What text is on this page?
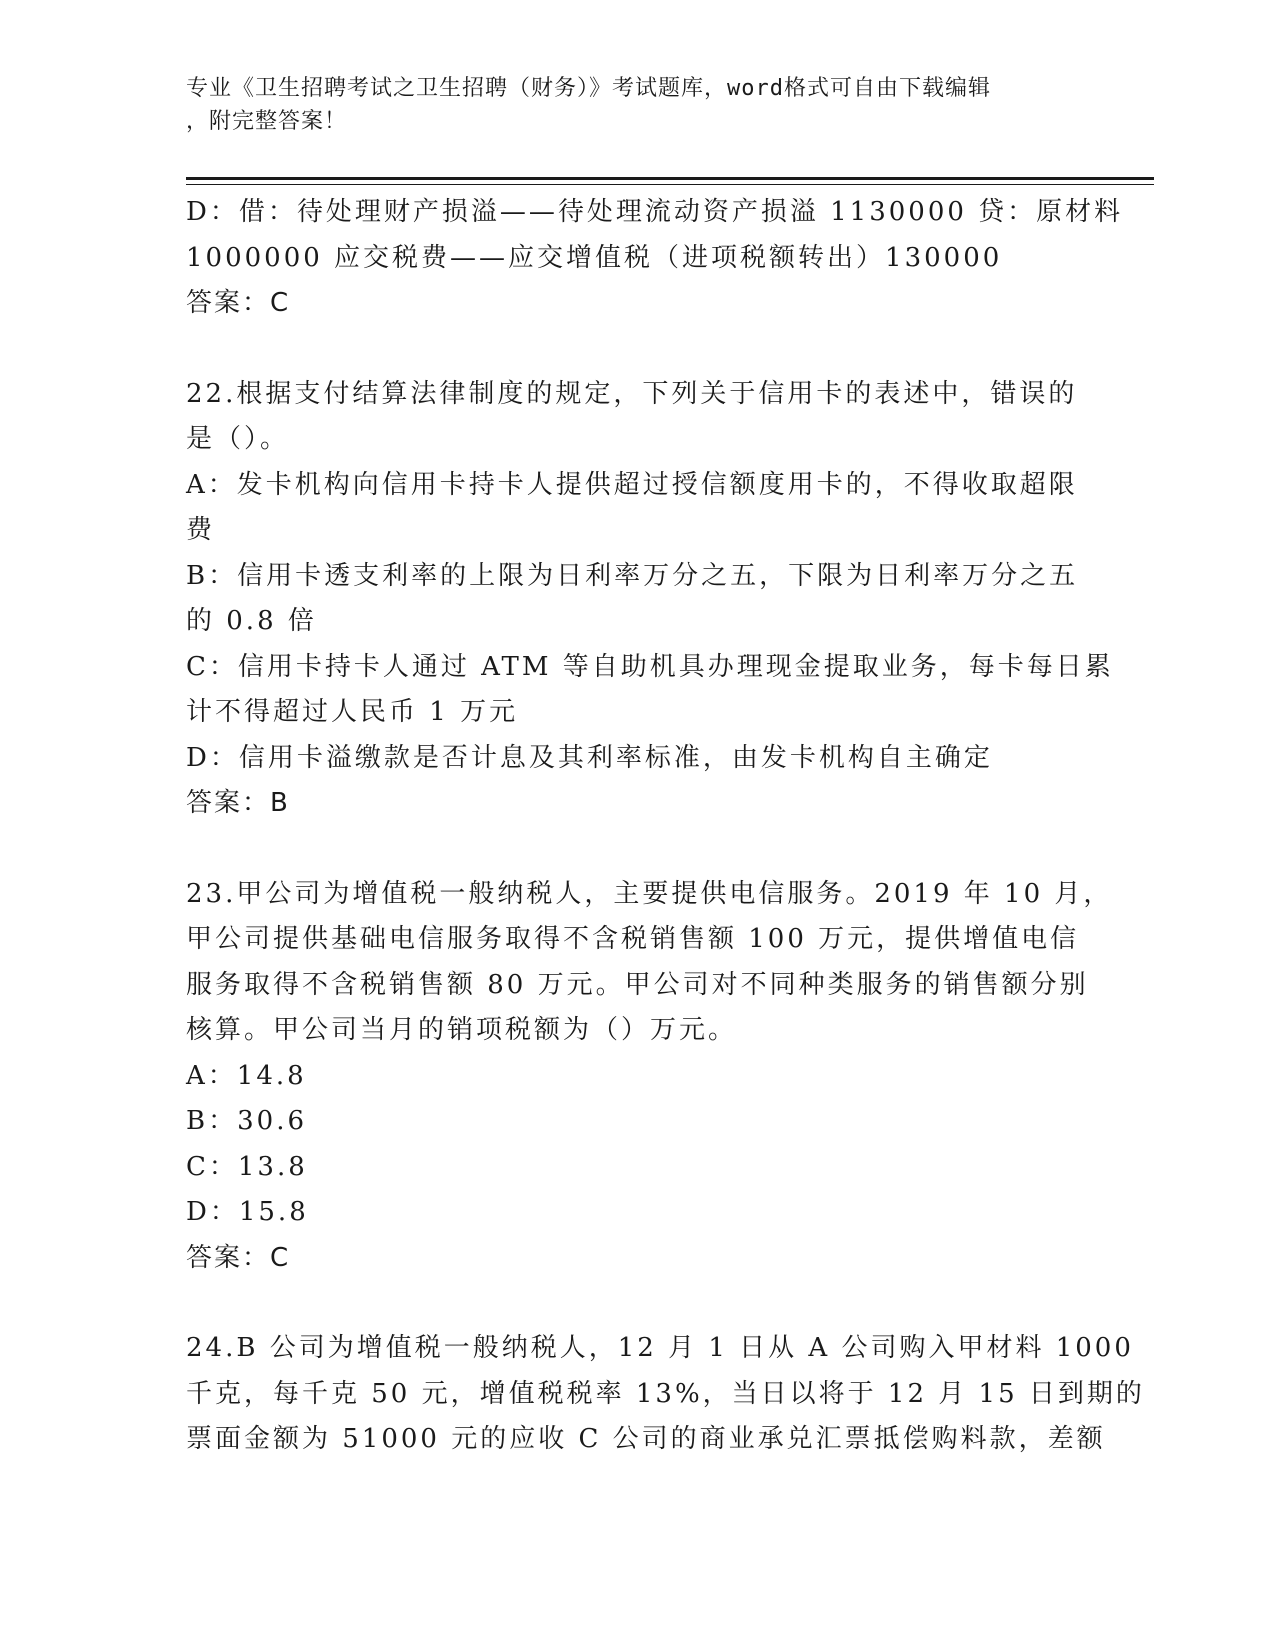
专业《卫生招聘考试之卫生招聘（财务）》考试题库，word格式可自由下载编辑
，附完整答案！
D：借：待处理财产损溢——待处理流动资产损溢 1130000 贷：原材料
1000000 应交税费——应交增值税（进项税额转出）130000
答案：C
22.根据支付结算法律制度的规定，下列关于信用卡的表述中，错误的
是（）。
A：发卡机构向信用卡持卡人提供超过授信额度用卡的，不得收取超限
费
B：信用卡透支利率的上限为日利率万分之五，下限为日利率万分之五
的 0.8 倍
C：信用卡持卡人通过 ATM 等自助机具办理现金提取业务，每卡每日累
计不得超过人民币 1 万元
D：信用卡溢缴款是否计息及其利率标准，由发卡机构自主确定
答案：B
23.甲公司为增值税一般纳税人，主要提供电信服务。2019 年 10 月，
甲公司提供基础电信服务取得不含税销售额 100 万元，提供增值电信
服务取得不含税销售额 80 万元。甲公司对不同种类服务的销售额分别
核算。甲公司当月的销项税额为（）万元。
A：14.8
B：30.6
C：13.8
D：15.8
答案：C
24.B 公司为增值税一般纳税人，12 月 1 日从 A 公司购入甲材料 1000
千克，每千克 50 元，增值税税率 13%，当日以将于 12 月 15 日到期的
票面金额为 51000 元的应收 C 公司的商业承兑汇票抵偿购料款，差额
